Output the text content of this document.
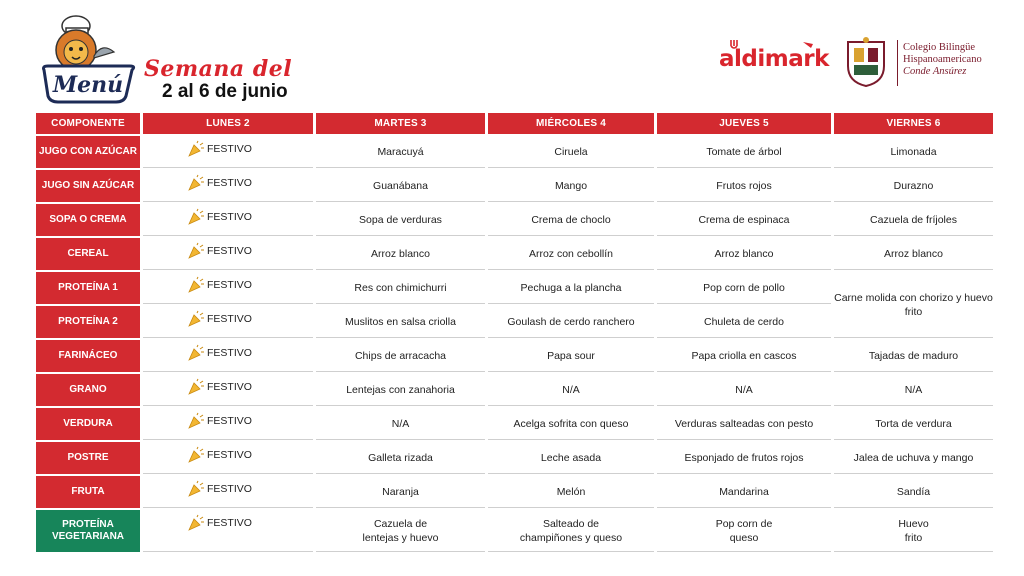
Menú
Semana del
2 al 6 de junio
aldimark	Colegio Bilingüe
Hispanoamericano
Conde Ansúrez
COMPONENTE	LUNES 2	MARTES 3	MIÉRCOLES 4	JUEVES 5	VIERNES 6
JUGO CON AZÚCAR	FESTIVO	Maracuyá	Ciruela	Tomate de árbol	Limonada
JUGO SIN AZÚCAR	FESTIVO	Guanábana	Mango	Frutos rojos	Durazno
SOPA O CREMA	FESTIVO	Sopa de verduras	Crema de choclo	Crema de espinaca	Cazuela de fríjoles
CEREAL	FESTIVO	Arroz blanco	Arroz con cebollín	Arroz blanco	Arroz blanco
PROTEÍNA 1	FESTIVO	Res con chimichurri	Pechuga a la plancha	Pop corn de pollo	Carne molida con chorizo y huevo frito
PROTEÍNA 2	FESTIVO	Muslitos en salsa criolla	Goulash de cerdo ranchero	Chuleta de cerdo	
FARINÁCEO	FESTIVO	Chips de arracacha	Papa sour	Papa criolla en cascos	Tajadas de maduro
GRANO	FESTIVO	Lentejas con zanahoria	N/A	N/A	N/A
VERDURA	FESTIVO	N/A	Acelga sofrita con queso	Verduras salteadas con pesto	Torta de verdura
POSTRE	FESTIVO	Galleta rizada	Leche asada	Esponjado de frutos rojos	Jalea de uchuva y mango
FRUTA	FESTIVO	Naranja	Melón	Mandarina	Sandía
PROTEÍNA VEGETARIANA	FESTIVO	Cazuela de lentejas y huevo	Salteado de champiñones y queso	Pop corn de queso	Huevo frito
